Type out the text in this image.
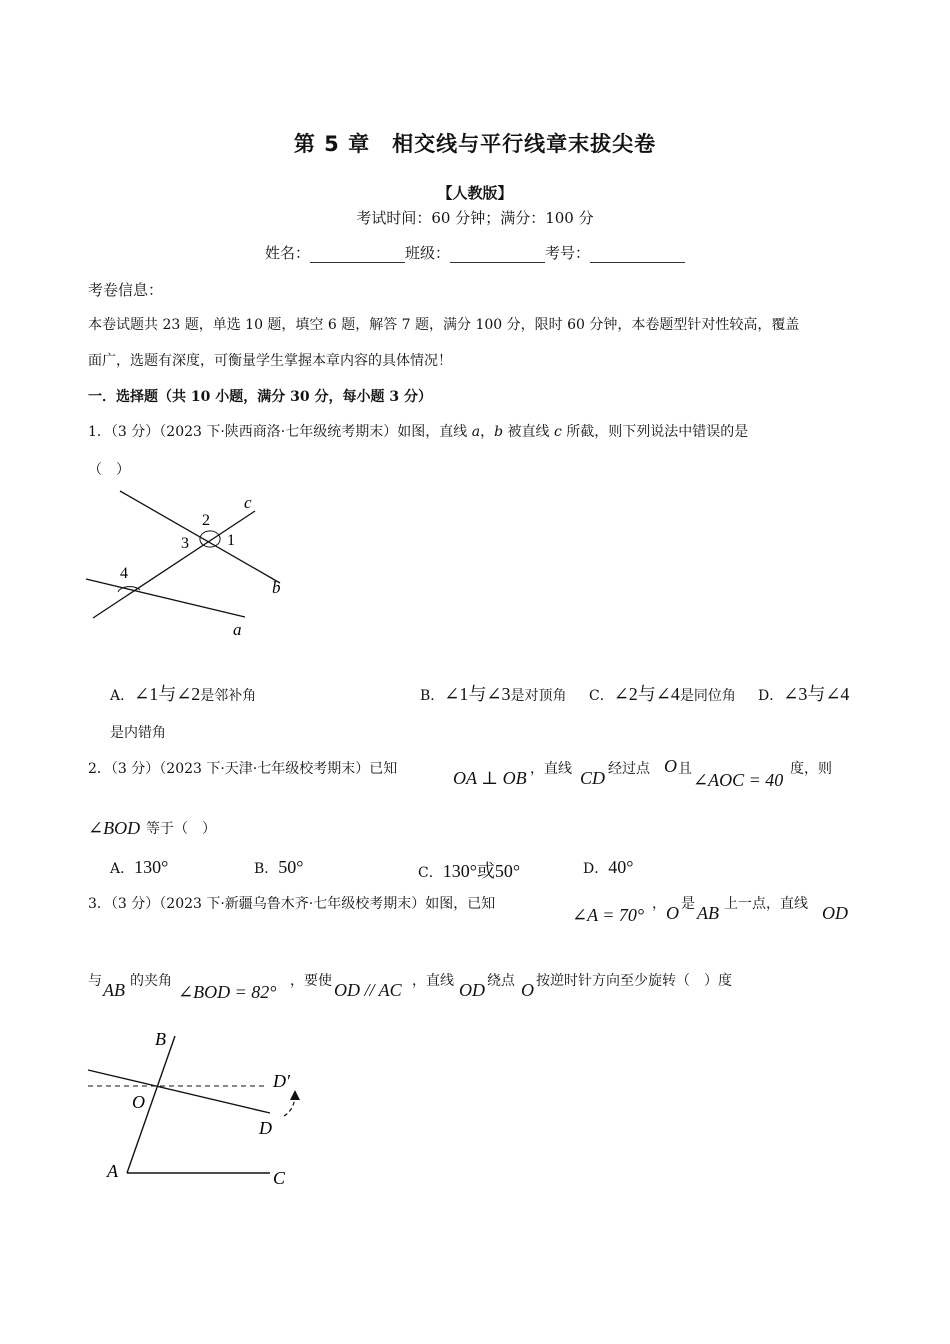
第 5 章　相交线与平行线章末拔尖卷
【人教版】
考试时间：60 分钟；满分：100 分
姓名：	班级：	考号：
考卷信息：
本卷试题共 23 题，单选 10 题，填空 6 题，解答 7 题，满分 100 分，限时 60 分钟，本卷题型针对性较高，覆盖
面广，选题有深度，可衡量学生掌握本章内容的具体情况！
一．选择题（共 10 小题，满分 30 分，每小题 3 分）
1．（3 分）（2023 下·陕西商洛·七年级统考期末）如图，直线 a，b 被直线 c 所截，则下列说法中错误的是
（　）
c
b
a
1
2
3
4
A．∠1与∠2是邻补角	B．∠1与∠3是对顶角 C．∠2与∠4是同位角 D．∠3与∠4
是内错角
2．（3 分）（2023 下·天津·七年级校考期末）已知	OA ⊥ OB ，直线 CD 经过点 O 且
∠AOC = 40
度，则
∠BOD 等于（　）
A．130°	B．50°	C．130°或50°	D．40°
3．（3 分）（2023 下·新疆乌鲁木齐·七年级校考期末）如图，已知
∠A = 70°
， O 是 AB 上一点，直线 OD
与 AB 的夹角
∠BOD = 82°
，要使 OD // AC ，直线 OD 绕点 O 按逆时针方向至少旋转（　）度
B
O
A	C
D
D′
